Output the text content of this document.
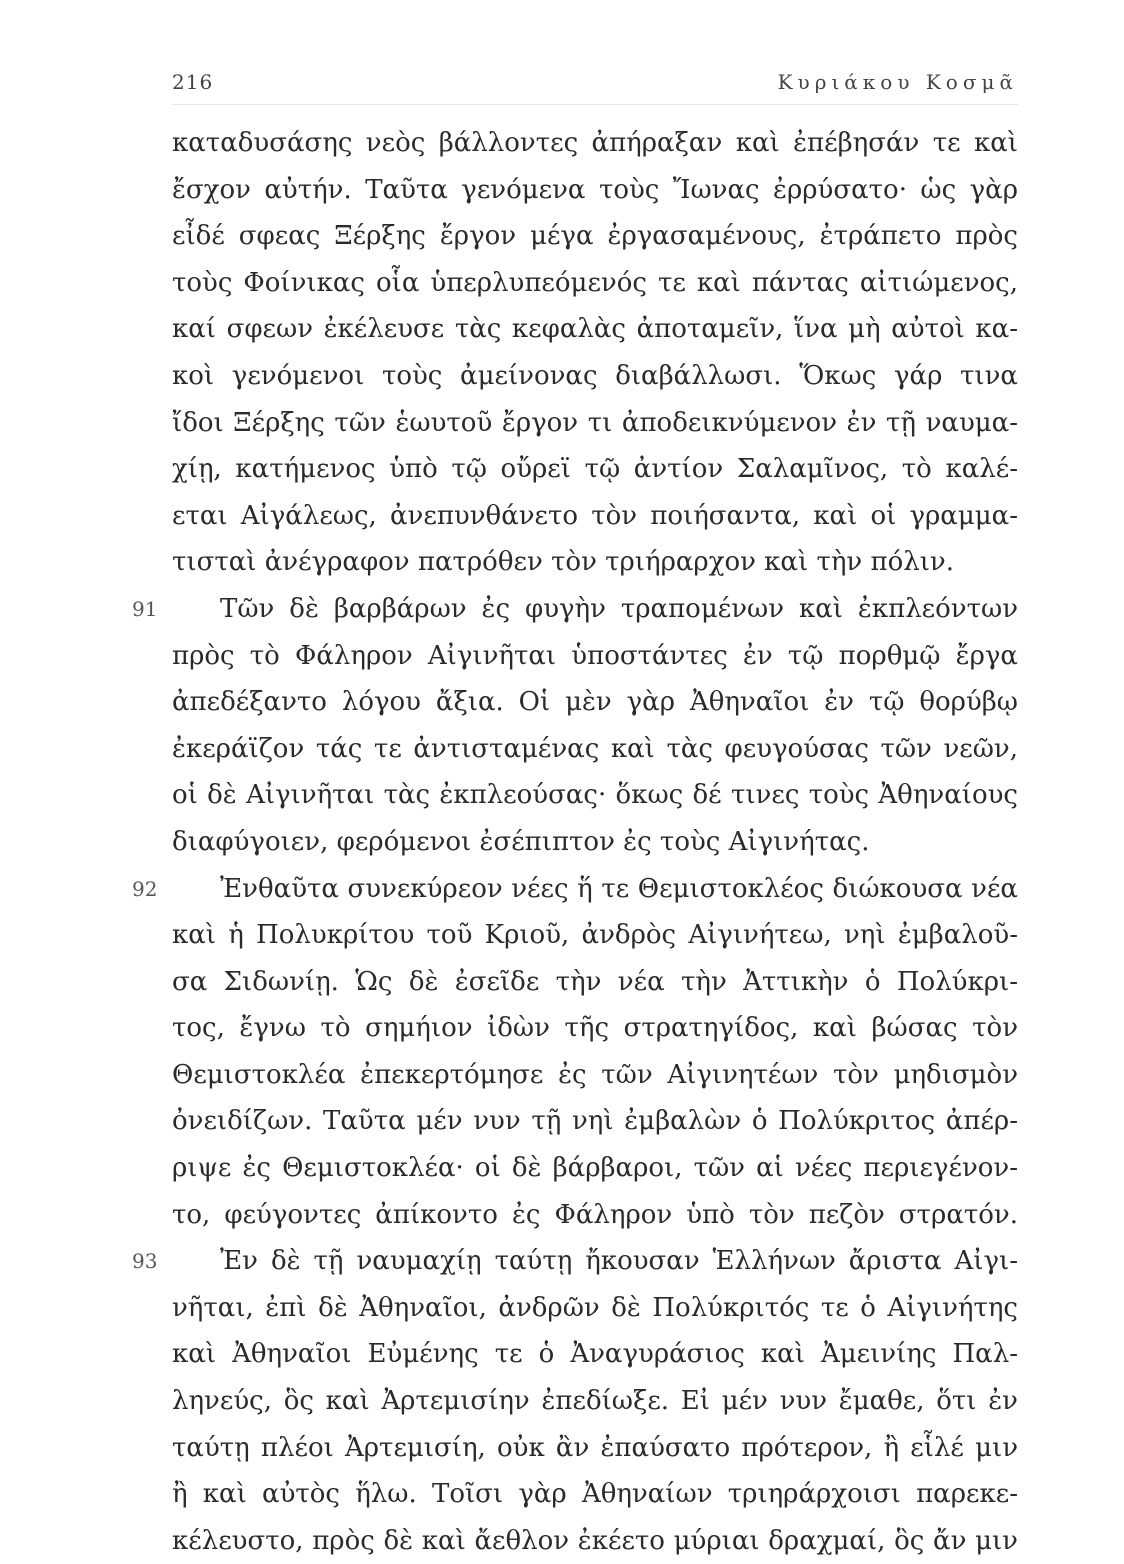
216	Κυριάκου Κοσμᾶ
καταδυσάσης νεὸς βάλλοντες ἀπήραξαν καὶ ἐπέβησάν τε καὶ
ἔσχον αὐτήν. Ταῦτα γενόμενα τοὺς Ἴωνας ἐρρύσατο· ὡς γὰρ
εἶδέ σφεας Ξέρξης ἔργον μέγα ἐργασαμένους, ἐτράπετο πρὸς
τοὺς Φοίνικας οἷα ὑπερλυπεόμενός τε καὶ πάντας αἰτιώμενος,
καί σφεων ἐκέλευσε τὰς κεφαλὰς ἀποταμεῖν, ἵνα μὴ αὐτοὶ κα-
κοὶ γενόμενοι τοὺς ἀμείνονας διαβάλλωσι. Ὅκως γάρ τινα
ἴδοι Ξέρξης τῶν ἑωυτοῦ ἔργον τι ἀποδεικνύμενον ἐν τῇ ναυμα-
χίῃ, κατήμενος ὑπὸ τῷ οὔρεϊ τῷ ἀντίον Σαλαμῖνος, τὸ καλέ-
εται Αἰγάλεως, ἀνεπυνθάνετο τὸν ποιήσαντα, καὶ οἱ γραμμα-
τισταὶ ἀνέγραφον πατρόθεν τὸν τριήραρχον καὶ τὴν πόλιν.
91 Τῶν δὲ βαρβάρων ἐς φυγὴν τραπομένων καὶ ἐκπλεόντων
πρὸς τὸ Φάληρον Αἰγινῆται ὑποστάντες ἐν τῷ πορθμῷ ἔργα
ἀπεδέξαντο λόγου ἄξια. Οἱ μὲν γὰρ Ἀθηναῖοι ἐν τῷ θορύβῳ
ἐκεράϊζον τάς τε ἀντισταμένας καὶ τὰς φευγούσας τῶν νεῶν,
οἱ δὲ Αἰγινῆται τὰς ἐκπλεούσας· ὅκως δέ τινες τοὺς Ἀθηναίους
διαφύγοιεν, φερόμενοι ἐσέπιπτον ἐς τοὺς Αἰγινήτας.
92 Ἐνθαῦτα συνεκύρεον νέες ἥ τε Θεμιστοκλέος διώκουσα νέα
καὶ ἡ Πολυκρίτου τοῦ Κριοῦ, ἀνδρὸς Αἰγινήτεω, νηὶ ἐμβαλοῦ-
σα Σιδωνίῃ. Ὡς δὲ ἐσεῖδε τὴν νέα τὴν Ἀττικὴν ὁ Πολύκρι-
τος, ἔγνω τὸ σημήιον ἰδὼν τῆς στρατηγίδος, καὶ βώσας τὸν
Θεμιστοκλέα ἐπεκερτόμησε ἐς τῶν Αἰγινητέων τὸν μηδισμὸν
ὀνειδίζων. Ταῦτα μέν νυν τῇ νηὶ ἐμβαλὼν ὁ Πολύκριτος ἀπέρ-
ριψε ἐς Θεμιστοκλέα· οἱ δὲ βάρβαροι, τῶν αἱ νέες περιεγένον-
το, φεύγοντες ἀπίκοντο ἐς Φάληρον ὑπὸ τὸν πεζὸν στρατόν.
93 Ἐν δὲ τῇ ναυμαχίῃ ταύτῃ ἤκουσαν Ἑλλήνων ἄριστα Αἰγι-
νῆται, ἐπὶ δὲ Ἀθηναῖοι, ἀνδρῶν δὲ Πολύκριτός τε ὁ Αἰγινήτης
καὶ Ἀθηναῖοι Εὐμένης τε ὁ Ἀναγυράσιος καὶ Ἀμεινίης Παλ-
ληνεύς, ὃς καὶ Ἀρτεμισίην ἐπεδίωξε. Εἰ μέν νυν ἔμαθε, ὅτι ἐν
ταύτῃ πλέοι Ἀρτεμισίη, οὐκ ἂν ἐπαύσατο πρότερον, ἢ εἷλέ μιν
ἢ καὶ αὐτὸς ἥλω. Τοῖσι γὰρ Ἀθηναίων τριηράρχοισι παρεκε-
κέλευστο, πρὸς δὲ καὶ ἄεθλον ἐκέετο μύριαι δραχμαί, ὃς ἄν μιν
